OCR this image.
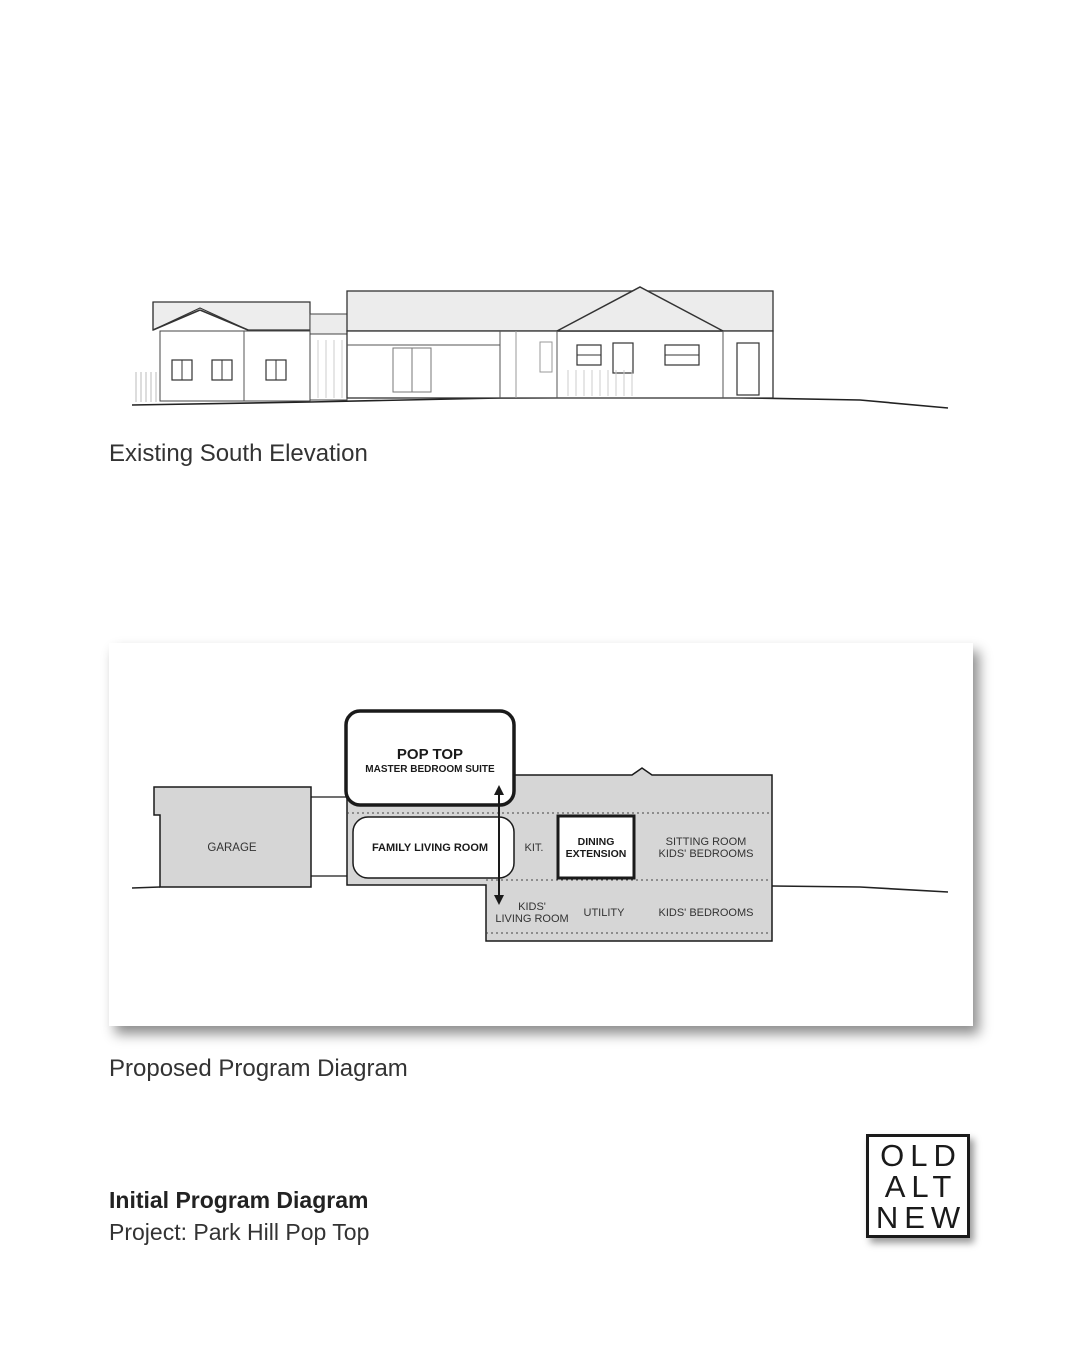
Existing South Elevation
GARAGE	FAMILY LIVING ROOM
POP TOP
MASTER BEDROOM SUITE
KIT.	DINING
EXTENSION
SITTING ROOM
KIDS' BEDROOMS
KIDS'
LIVING ROOM UTILITY	KIDS' BEDROOMS
Proposed Program Diagram
Initial Program Diagram
Project: Park Hill Pop Top
OLD
ALT
NEW
